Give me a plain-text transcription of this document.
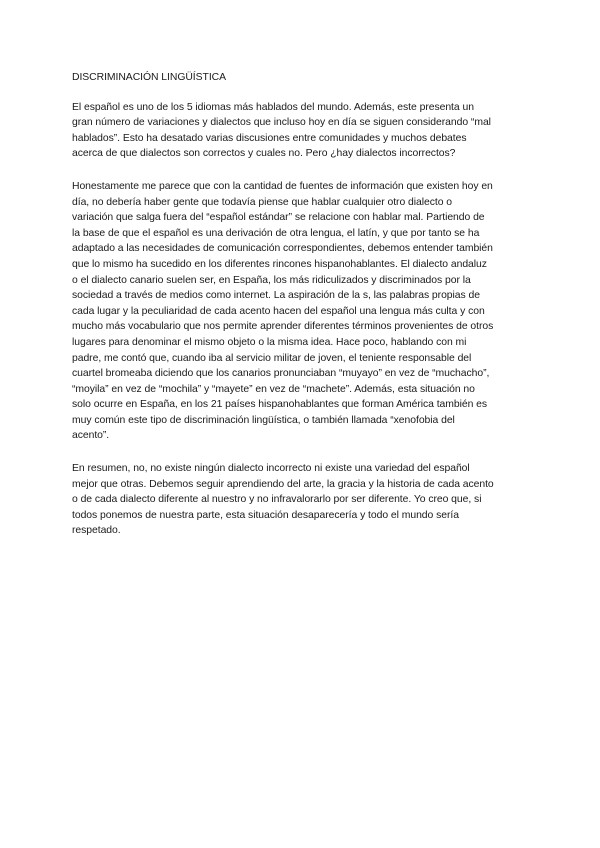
DISCRIMINACIÓN LINGÜÍSTICA
El español es uno de los 5 idiomas más hablados del mundo. Además, este presenta un
gran número de variaciones y dialectos que incluso hoy en día se siguen considerando “mal
hablados”. Esto ha desatado varias discusiones entre comunidades y muchos debates
acerca de que dialectos son correctos y cuales no. Pero ¿hay dialectos incorrectos?
Honestamente me parece que con la cantidad de fuentes de información que existen hoy en
día, no debería haber gente que todavía piense que hablar cualquier otro dialecto o
variación que salga fuera del “español estándar” se relacione con hablar mal. Partiendo de
la base de que el español es una derivación de otra lengua, el latín, y que por tanto se ha
adaptado a las necesidades de comunicación correspondientes, debemos entender también
que lo mismo ha sucedido en los diferentes rincones hispanohablantes. El dialecto andaluz
o el dialecto canario suelen ser, en España, los más ridiculizados y discriminados por la
sociedad a través de medios como internet. La aspiración de la s, las palabras propias de
cada lugar y la peculiaridad de cada acento hacen del español una lengua más culta y con
mucho más vocabulario que nos permite aprender diferentes términos provenientes de otros
lugares para denominar el mismo objeto o la misma idea. Hace poco, hablando con mi
padre, me contó que, cuando iba al servicio militar de joven, el teniente responsable del
cuartel bromeaba diciendo que los canarios pronunciaban “muyayo” en vez de “muchacho”,
“moyila” en vez de “mochila” y “mayete” en vez de “machete”. Además, esta situación no
solo ocurre en España, en los 21 países hispanohablantes que forman América también es
muy común este tipo de discriminación lingüística, o también llamada “xenofobia del
acento”.
En resumen, no, no existe ningún dialecto incorrecto ni existe una variedad del español
mejor que otras. Debemos seguir aprendiendo del arte, la gracia y la historia de cada acento
o de cada dialecto diferente al nuestro y no infravalorarlo por ser diferente. Yo creo que, si
todos ponemos de nuestra parte, esta situación desaparecería y todo el mundo sería
respetado.
